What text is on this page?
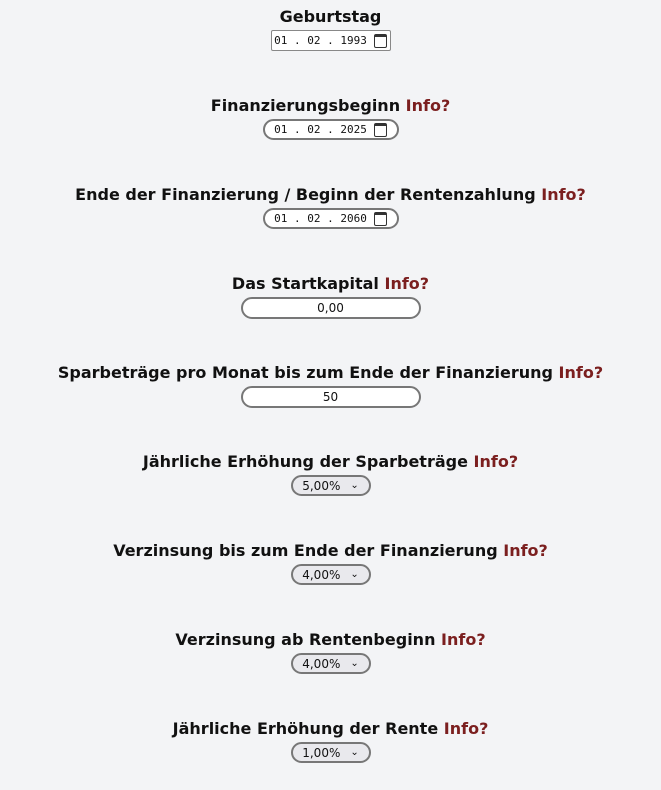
Geburtstag
01 . 02 . 1993
Finanzierungsbeginn Info?
01 . 02 . 2025
Ende der Finanzierung / Beginn der Rentenzahlung Info?
01 . 02 . 2060
Das Startkapital Info?
0,00
Sparbeträge pro Monat bis zum Ende der Finanzierung Info?
50
Jährliche Erhöhung der Sparbeträge Info?
5,00% ⌄
Verzinsung bis zum Ende der Finanzierung Info?
4,00% ⌄
Verzinsung ab Rentenbeginn Info?
4,00% ⌄
Jährliche Erhöhung der Rente Info?
1,00% ⌄
